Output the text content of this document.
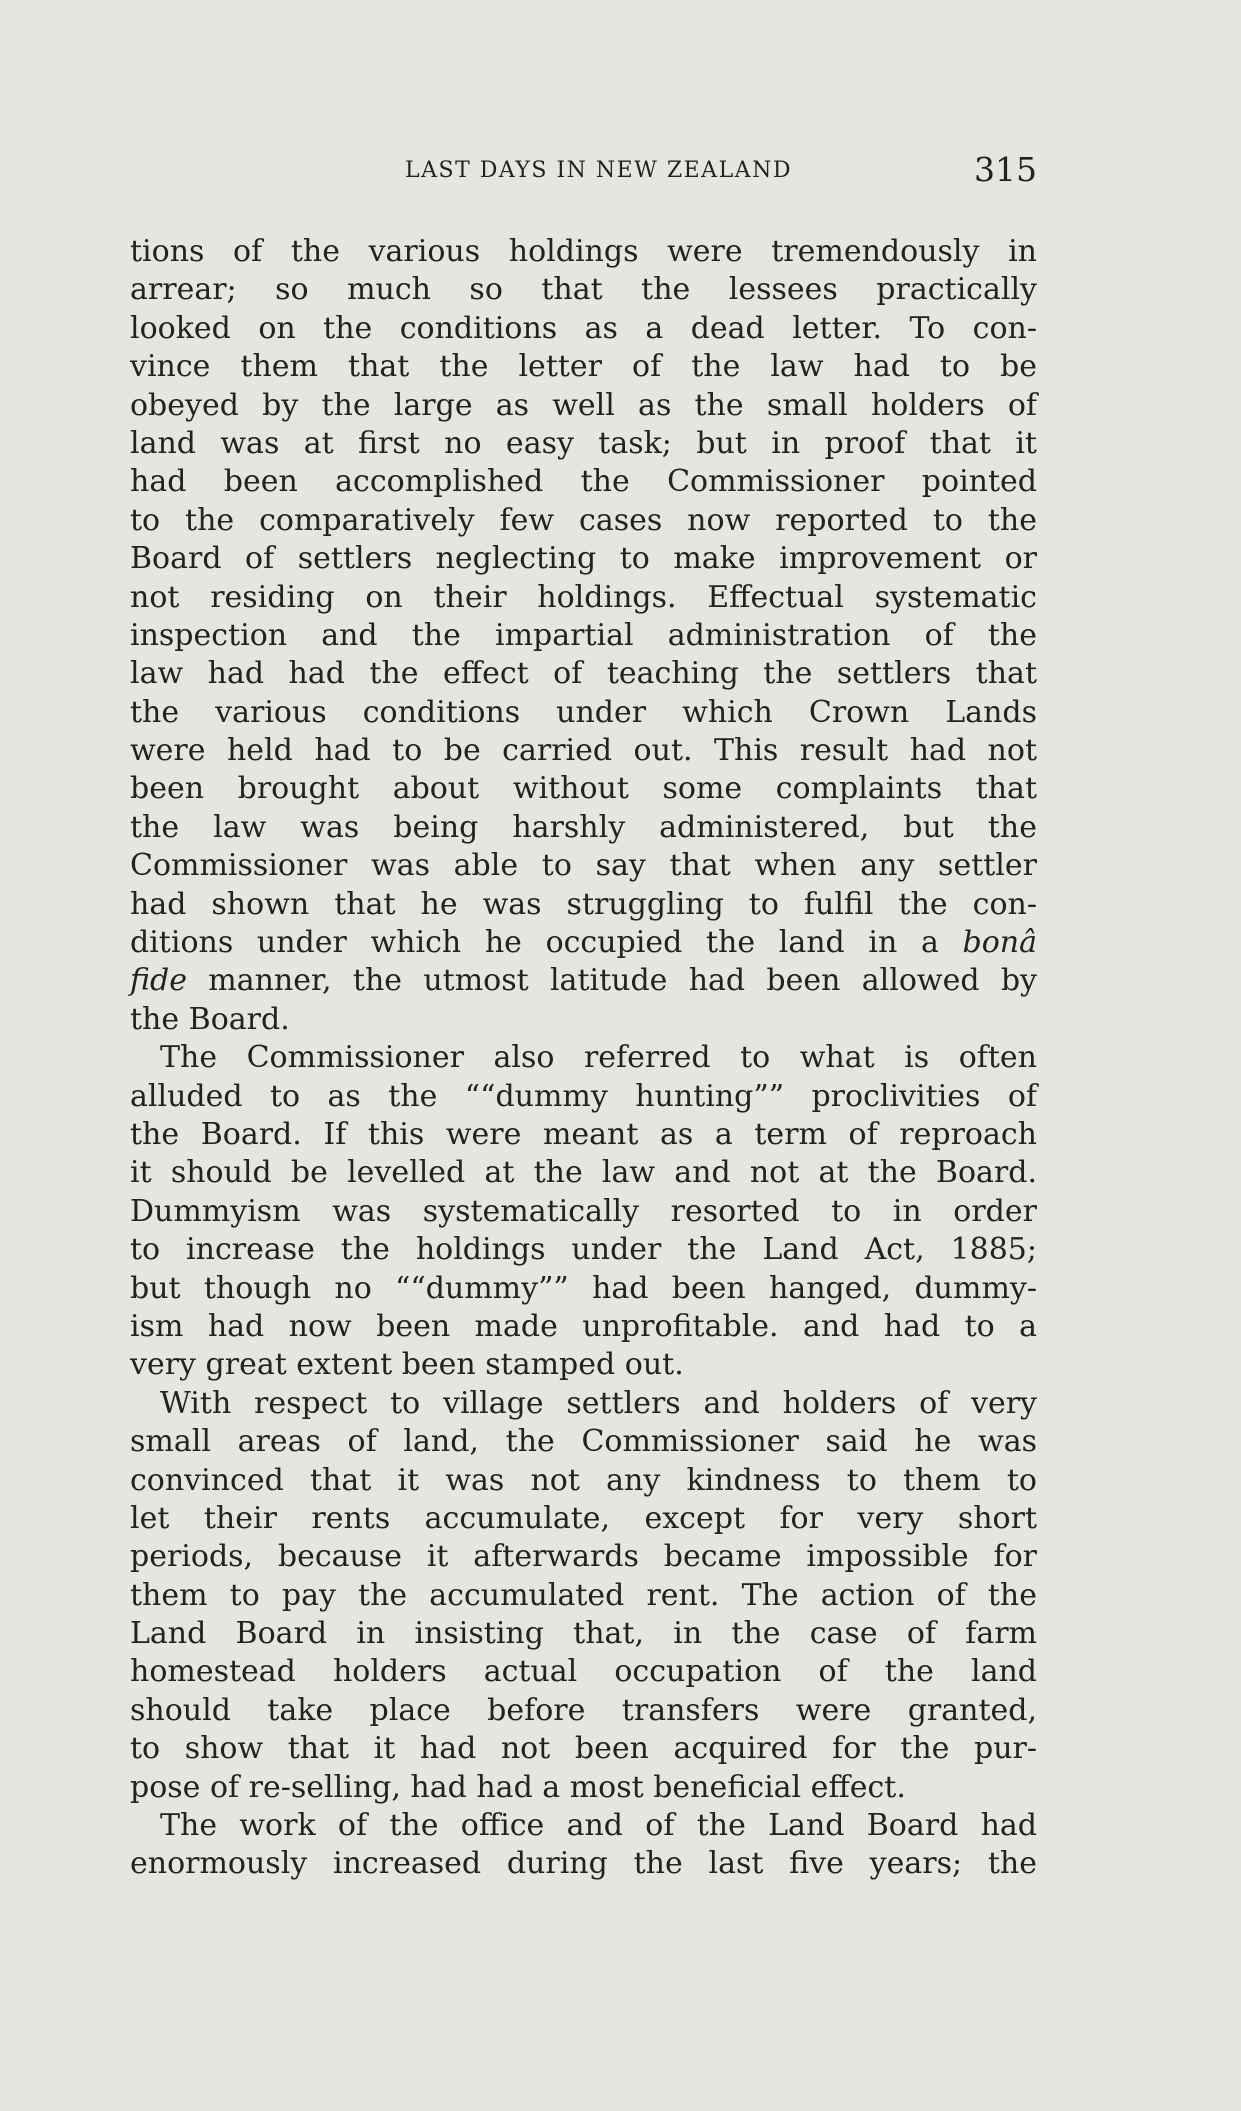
LAST DAYS IN NEW ZEALAND	315
tions of the various holdings were tremendously in
arrear; so much so that the lessees practically
looked on the conditions as a dead letter. To con-
vince them that the letter of the law had to be
obeyed by the large as well as the small holders of
land was at first no easy task; but in proof that it
had been accomplished the Commissioner pointed
to the comparatively few cases now reported to the
Board of settlers neglecting to make improvement or
not residing on their holdings. Effectual systematic
inspection and the impartial administration of the
law had had the effect of teaching the settlers that
the various conditions under which Crown Lands
were held had to be carried out. This result had not
been brought about without some complaints that
the law was being harshly administered, but the
Commissioner was able to say that when any settler
had shown that he was struggling to fulfil the con-
ditions under which he occupied the land in a bonâ
fide manner, the utmost latitude had been allowed by
the Board.
The Commissioner also referred to what is often
alluded to as the ““dummy hunting”” proclivities of
the Board. If this were meant as a term of reproach
it should be levelled at the law and not at the Board.
Dummyism was systematically resorted to in order
to increase the holdings under the Land Act, 1885;
but though no ““dummy”” had been hanged, dummy-
ism had now been made unprofitable. and had to a
very great extent been stamped out.
With respect to village settlers and holders of very
small areas of land, the Commissioner said he was
convinced that it was not any kindness to them to
let their rents accumulate, except for very short
periods, because it afterwards became impossible for
them to pay the accumulated rent. The action of the
Land Board in insisting that, in the case of farm
homestead holders actual occupation of the land
should take place before transfers were granted,
to show that it had not been acquired for the pur-
pose of re-selling, had had a most beneficial effect.
The work of the office and of the Land Board had
enormously increased during the last five years; the
